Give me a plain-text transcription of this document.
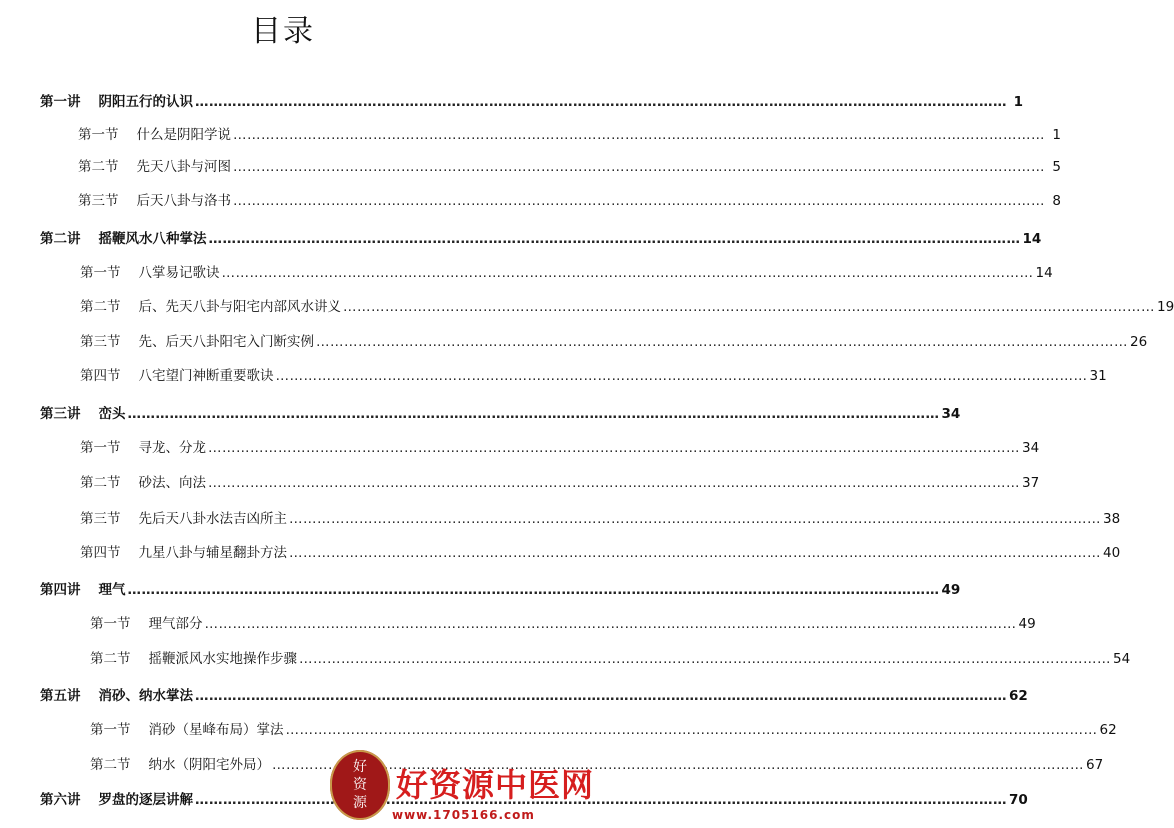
目录
第一讲 阴阳五行的认识 …………………………………………………………………………………………………………………………………………………………	1
第一节 什么是阴阳学说 …………………………………………………………………………………………………………………………………………………………	1
第二节 先天八卦与河图 …………………………………………………………………………………………………………………………………………………………	5
第三节 后天八卦与洛书 …………………………………………………………………………………………………………………………………………………………	8
第二讲 摇鞭风水八种掌法 …………………………………………………………………………………………………………………………………………………………	14
第一节 八掌易记歌诀 …………………………………………………………………………………………………………………………………………………………	14
第二节 后、先天八卦与阳宅内部风水讲义 …………………………………………………………………………………………………………………………………………………………	19
第三节 先、后天八卦阳宅入门断实例 …………………………………………………………………………………………………………………………………………………………	26
第四节 八宅望门神断重要歌诀 …………………………………………………………………………………………………………………………………………………………	31
第三讲 峦头 …………………………………………………………………………………………………………………………………………………………	34
第一节 寻龙、分龙 …………………………………………………………………………………………………………………………………………………………	34
第二节 砂法、向法 …………………………………………………………………………………………………………………………………………………………	37
第三节 先后天八卦水法吉凶所主 …………………………………………………………………………………………………………………………………………………………	38
第四节 九星八卦与辅星翻卦方法 …………………………………………………………………………………………………………………………………………………………	40
第四讲 理气 …………………………………………………………………………………………………………………………………………………………	49
第一节 理气部分 …………………………………………………………………………………………………………………………………………………………	49
第二节 摇鞭派风水实地操作步骤 …………………………………………………………………………………………………………………………………………………………	54
第五讲 消砂、纳水掌法 …………………………………………………………………………………………………………………………………………………………	62
第一节 消砂（星峰布局）掌法 …………………………………………………………………………………………………………………………………………………………	62
第二节 纳水（阴阳宅外局） …………………………………………………………………………………………………………………………………………………………	67
第六讲 罗盘的逐层讲解 …………………………………………………………………………………………………………………………………………………………	70
好
资
源 好资源中医网
www.1705166.com
